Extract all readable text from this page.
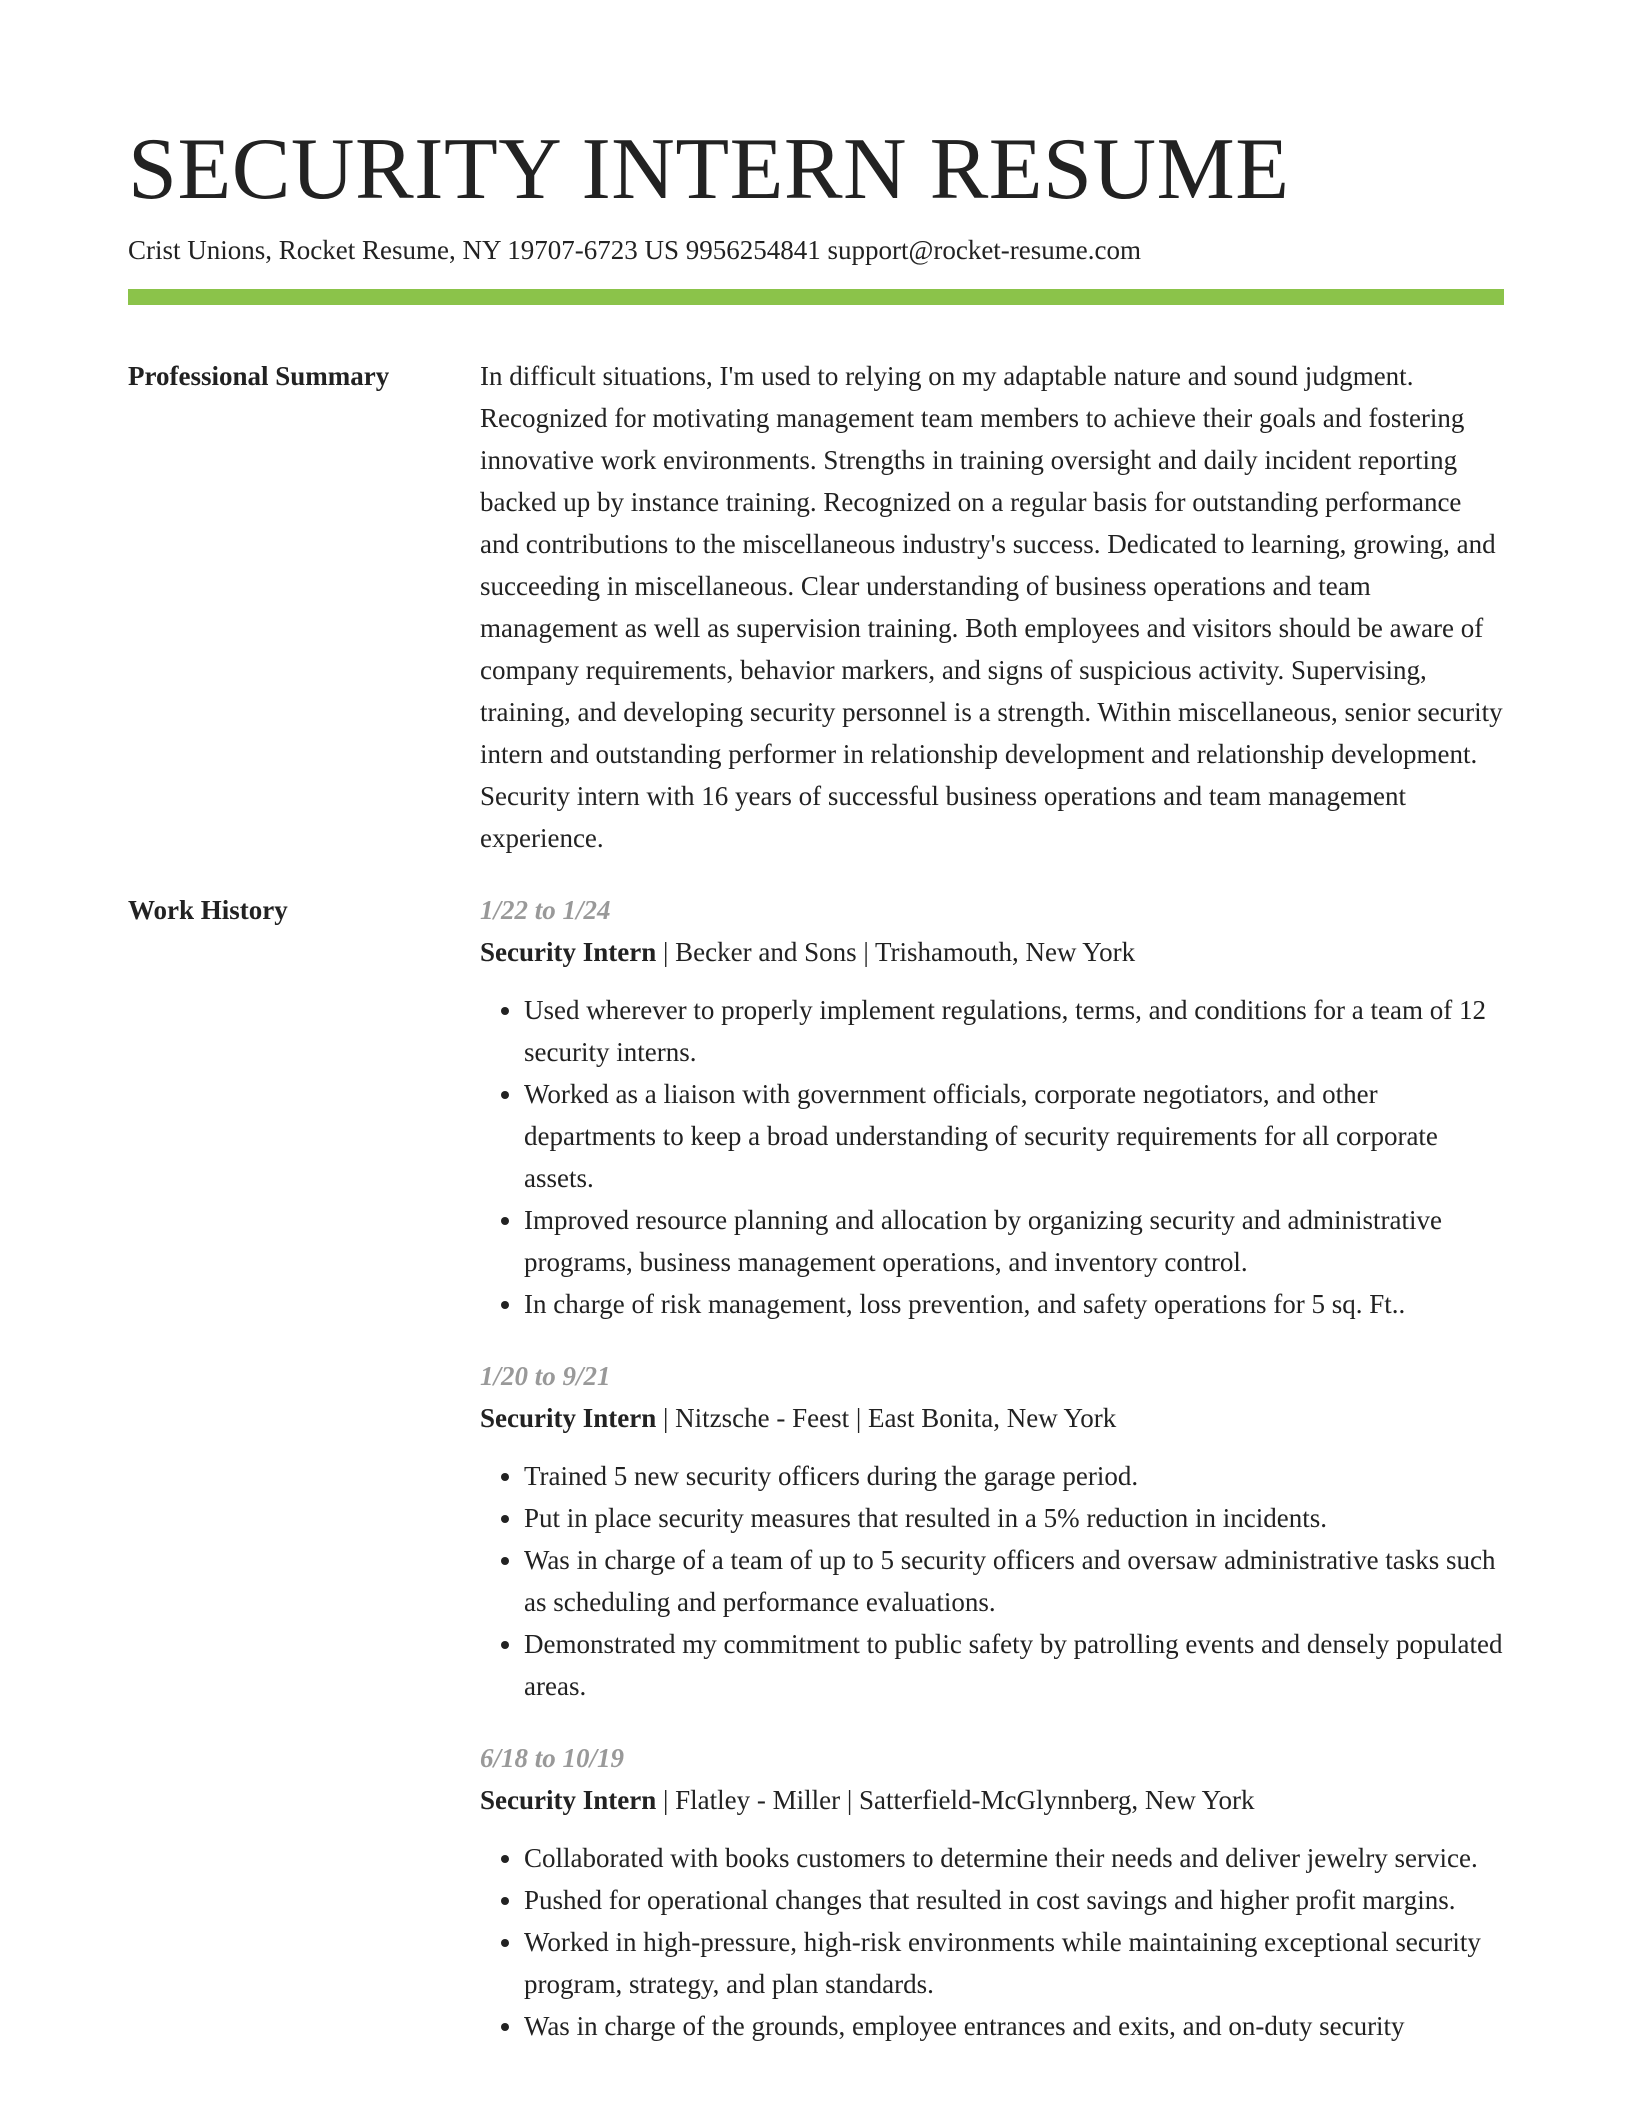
SECURITY INTERN RESUME
Crist Unions, Rocket Resume, NY 19707-6723 US 9956254841 support@rocket-resume.com
Professional Summary	In difficult situations, I'm used to relying on my adaptable nature and sound judgment. Recognized for motivating management team members to achieve their goals and fostering innovative work environments. Strengths in training oversight and daily incident reporting backed up by instance training. Recognized on a regular basis for outstanding performance and contributions to the miscellaneous industry's success. Dedicated to learning, growing, and succeeding in miscellaneous. Clear understanding of business operations and team management as well as supervision training. Both employees and visitors should be aware of company requirements, behavior markers, and signs of suspicious activity. Supervising, training, and developing security personnel is a strength. Within miscellaneous, senior security intern and outstanding performer in relationship development and relationship development. Security intern with 16 years of successful business operations and team management experience.

Work History	1/22 to 1/24
Security Intern | Becker and Sons | Trishamouth, New York
• Used wherever to properly implement regulations, terms, and conditions for a team of 12 security interns.
• Worked as a liaison with government officials, corporate negotiators, and other departments to keep a broad understanding of security requirements for all corporate assets.
• Improved resource planning and allocation by organizing security and administrative programs, business management operations, and inventory control.
• In charge of risk management, loss prevention, and safety operations for 5 sq. Ft..
1/20 to 9/21
Security Intern | Nitzsche - Feest | East Bonita, New York
• Trained 5 new security officers during the garage period.
• Put in place security measures that resulted in a 5% reduction in incidents.
• Was in charge of a team of up to 5 security officers and oversaw administrative tasks such as scheduling and performance evaluations.
• Demonstrated my commitment to public safety by patrolling events and densely populated areas.
6/18 to 10/19
Security Intern | Flatley - Miller | Satterfield-McGlynnberg, New York
• Collaborated with books customers to determine their needs and deliver jewelry service.
• Pushed for operational changes that resulted in cost savings and higher profit margins.
• Worked in high-pressure, high-risk environments while maintaining exceptional security program, strategy, and plan standards.
• Was in charge of the grounds, employee entrances and exits, and on-duty security
